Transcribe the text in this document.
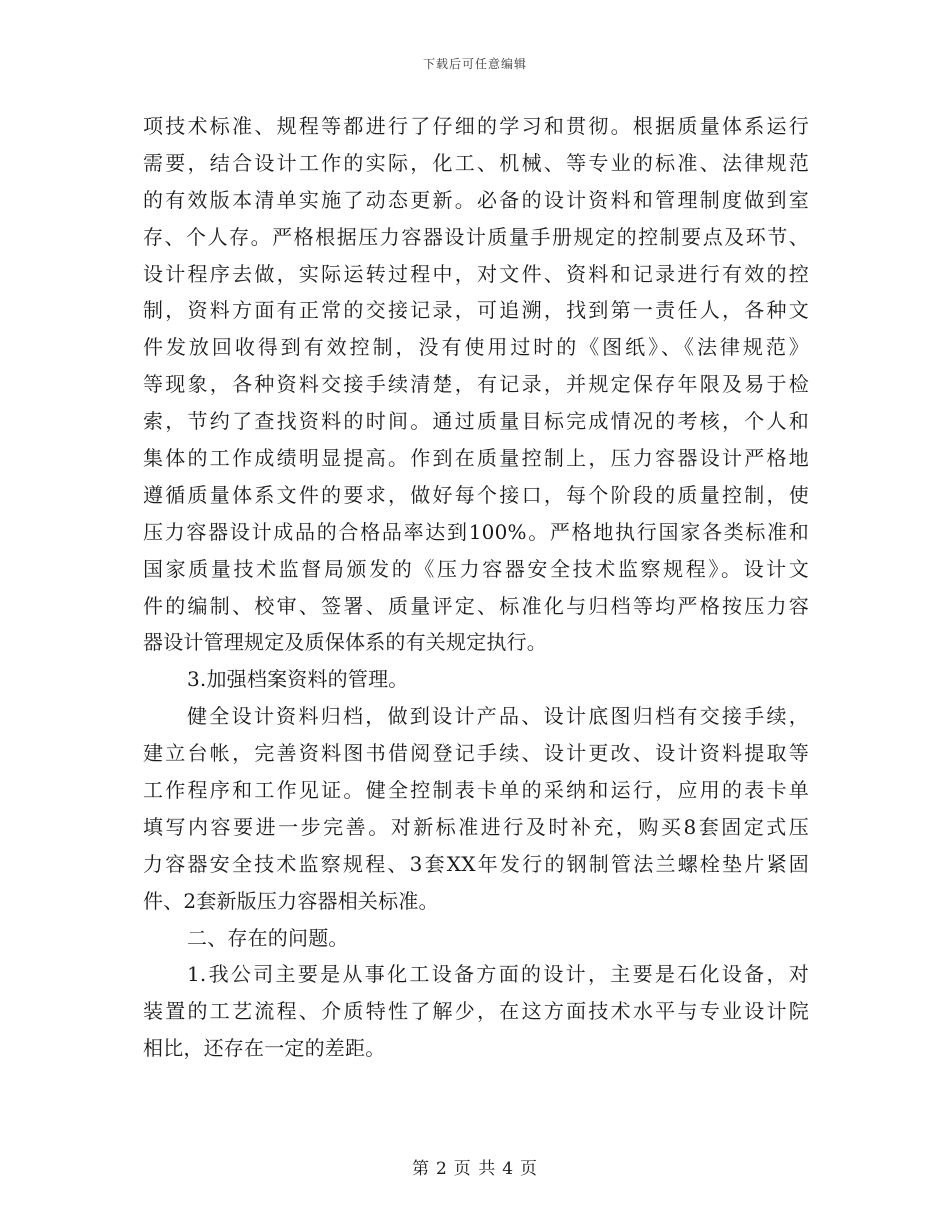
下载后可任意编辑
项技术标准、规程等都进行了仔细的学习和贯彻。根据质量体系运行
需要，结合设计工作的实际，化工、机械、等专业的标准、法律规范
的有效版本清单实施了动态更新。必备的设计资料和管理制度做到室
存、个人存。严格根据压力容器设计质量手册规定的控制要点及环节、
设计程序去做，实际运转过程中，对文件、资料和记录进行有效的控
制，资料方面有正常的交接记录，可追溯，找到第一责任人，各种文
件发放回收得到有效控制，没有使用过时的《图纸》、《法律规范》
等现象，各种资料交接手续清楚，有记录，并规定保存年限及易于检
索，节约了查找资料的时间。通过质量目标完成情况的考核，个人和
集体的工作成绩明显提高。作到在质量控制上，压力容器设计严格地
遵循质量体系文件的要求，做好每个接口，每个阶段的质量控制，使
压力容器设计成品的合格品率达到100%。严格地执行国家各类标准和
国家质量技术监督局颁发的《压力容器安全技术监察规程》。设计文
件的编制、校审、签署、质量评定、标准化与归档等均严格按压力容
器设计管理规定及质保体系的有关规定执行。
3.加强档案资料的管理。
健全设计资料归档，做到设计产品、设计底图归档有交接手续，
建立台帐，完善资料图书借阅登记手续、设计更改、设计资料提取等
工作程序和工作见证。健全控制表卡单的采纳和运行，应用的表卡单
填写内容要进一步完善。对新标准进行及时补充，购买8套固定式压
力容器安全技术监察规程、3套XX年发行的钢制管法兰螺栓垫片紧固
件、2套新版压力容器相关标准。
二、存在的问题。
1.我公司主要是从事化工设备方面的设计，主要是石化设备，对
装置的工艺流程、介质特性了解少，在这方面技术水平与专业设计院
相比，还存在一定的差距。
第 2 页 共 4 页
